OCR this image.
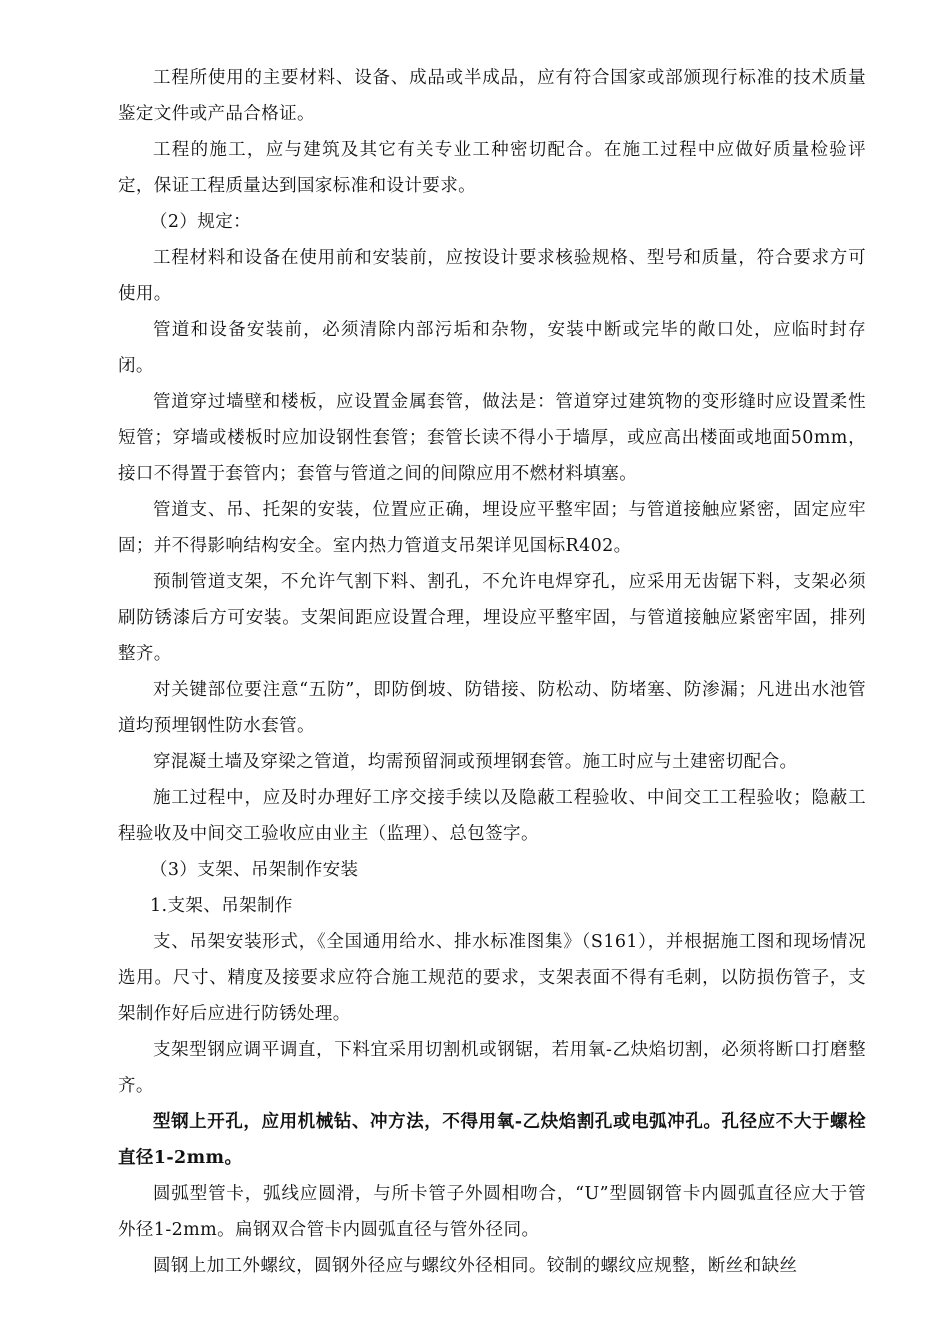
工程所使用的主要材料、设备、成品或半成品，应有符合国家或部颁现行标准的技术质量鉴定文件或产品合格证。

工程的施工，应与建筑及其它有关专业工种密切配合。在施工过程中应做好质量检验评定，保证工程质量达到国家标准和设计要求。

（2）规定：

工程材料和设备在使用前和安装前，应按设计要求核验规格、型号和质量，符合要求方可使用。

管道和设备安装前，必须清除内部污垢和杂物，安装中断或完毕的敞口处，应临时封存闭。

管道穿过墙壁和楼板，应设置金属套管，做法是：管道穿过建筑物的变形缝时应设置柔性短管；穿墙或楼板时应加设钢性套管；套管长读不得小于墙厚，或应高出楼面或地面50mm，接口不得置于套管内；套管与管道之间的间隙应用不燃材料填塞。

管道支、吊、托架的安装，位置应正确，埋设应平整牢固；与管道接触应紧密，固定应牢固；并不得影响结构安全。室内热力管道支吊架详见国标R402。

预制管道支架，不允许气割下料、割孔，不允许电焊穿孔，应采用无齿锯下料，支架必须刷防锈漆后方可安装。支架间距应设置合理，埋设应平整牢固，与管道接触应紧密牢固，排列整齐。

对关键部位要注意“五防”，即防倒坡、防错接、防松动、防堵塞、防渗漏；凡进出水池管道均预埋钢性防水套管。

穿混凝土墙及穿梁之管道，均需预留洞或预埋钢套管。施工时应与土建密切配合。

施工过程中，应及时办理好工序交接手续以及隐蔽工程验收、中间交工工程验收；隐蔽工程验收及中间交工验收应由业主（监理）、总包签字。

（3）支架、吊架制作安装

1.支架、吊架制作

支、吊架安装形式，《全国通用给水、排水标准图集》（S161），并根据施工图和现场情况选用。尺寸、精度及接要求应符合施工规范的要求，支架表面不得有毛刺，以防损伤管子，支架制作好后应进行防锈处理。

支架型钢应调平调直，下料宜采用切割机或钢锯，若用氧-乙炔焰切割，必须将断口打磨整齐。

型钢上开孔，应用机械钻、冲方法，不得用氧-乙炔焰割孔或电弧冲孔。孔径应不大于螺栓直径1-2mm。

圆弧型管卡，弧线应圆滑，与所卡管子外圆相吻合，“U”型圆钢管卡内圆弧直径应大于管外径1-2mm。扁钢双合管卡内圆弧直径与管外径同。

圆钢上加工外螺纹，圆钢外径应与螺纹外径相同。铰制的螺纹应规整，断丝和缺丝
